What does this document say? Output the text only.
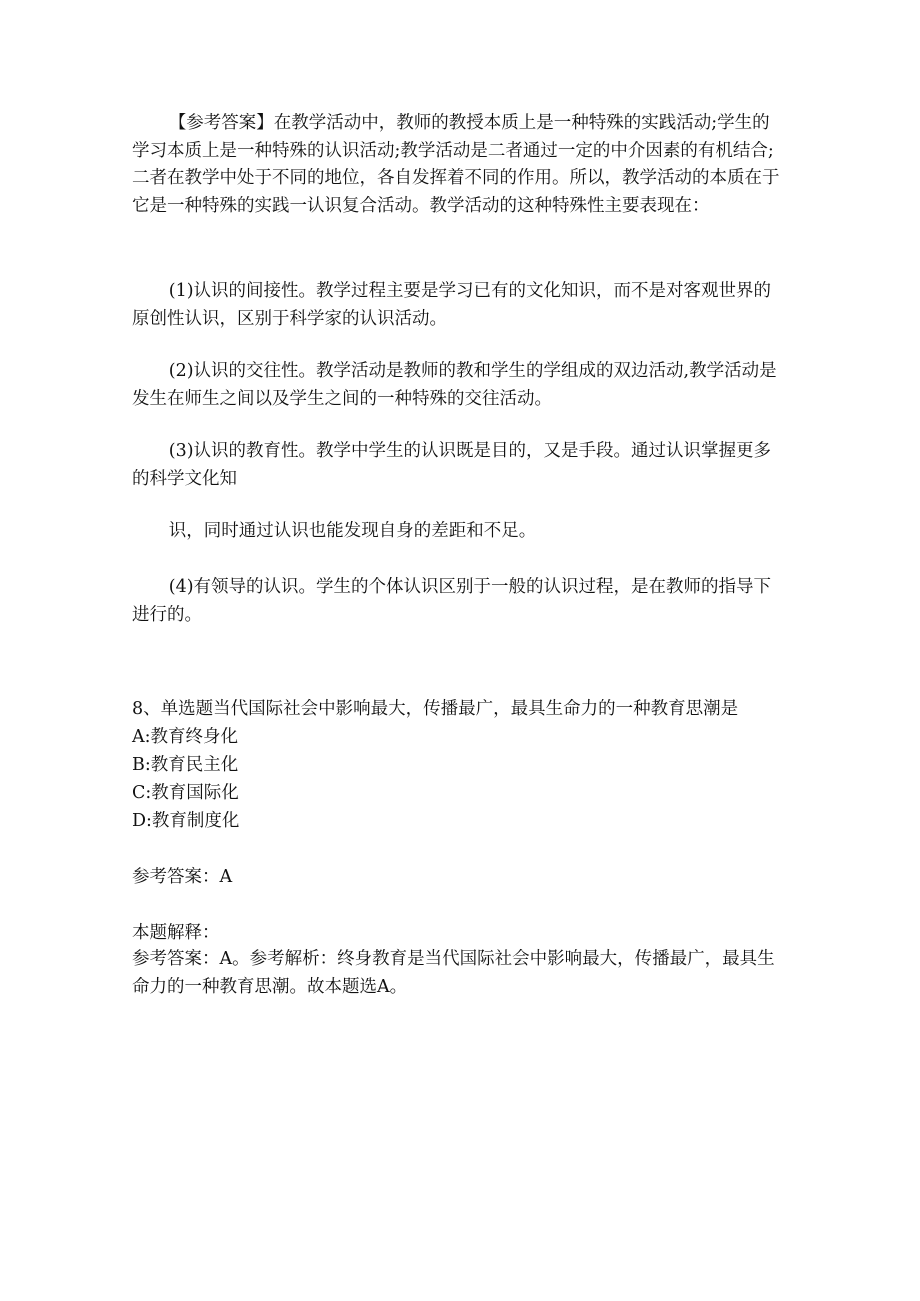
【参考答案】在教学活动中，教师的教授本质上是一种特殊的实践活动;学生的学习本质上是一种特殊的认识活动;教学活动是二者通过一定的中介因素的有机结合;二者在教学中处于不同的地位，各自发挥着不同的作用。所以，教学活动的本质在于它是一种特殊的实践一认识复合活动。教学活动的这种特殊性主要表现在：

(1)认识的间接性。教学过程主要是学习已有的文化知识，而不是对客观世界的原创性认识，区别于科学家的认识活动。

(2)认识的交往性。教学活动是教师的教和学生的学组成的双边活动,教学活动是发生在师生之间以及学生之间的一种特殊的交往活动。

(3)认识的教育性。教学中学生的认识既是目的，又是手段。通过认识掌握更多的科学文化知

识，同时通过认识也能发现自身的差距和不足。

(4)有领导的认识。学生的个体认识区别于一般的认识过程，是在教师的指导下进行的。

8、单选题当代国际社会中影响最大，传播最广，最具生命力的一种教育思潮是
A:教育终身化
B:教育民主化
C:教育国际化
D:教育制度化
参考答案：A
本题解释：

参考答案：A。参考解析：终身教育是当代国际社会中影响最大，传播最广，最具生命力的一种教育思潮。故本题选A。
